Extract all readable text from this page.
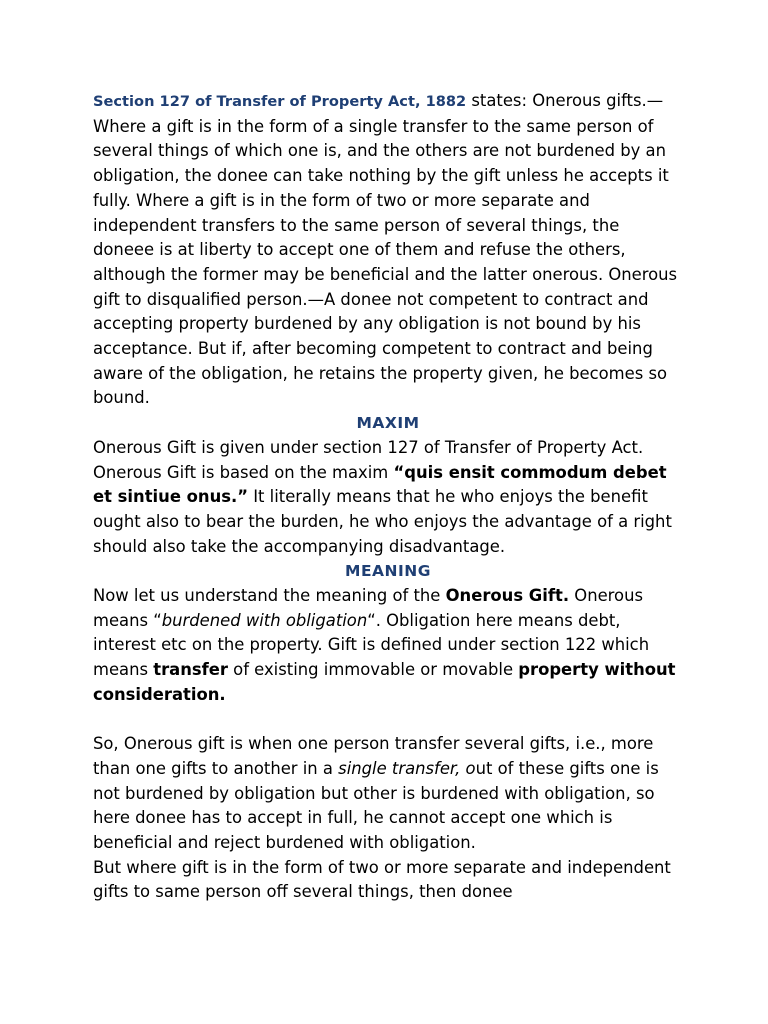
Section 127 of Transfer of Property Act, 1882 states: Onerous gifts.—Where a gift is in the form of a single transfer to the same person of several things of which one is, and the others are not burdened by an obligation, the donee can take nothing by the gift unless he accepts it fully. Where a gift is in the form of two or more separate and independent transfers to the same person of several things, the doneee is at liberty to accept one of them and refuse the others, although the former may be beneficial and the latter onerous. Onerous gift to disqualified person.—A donee not competent to contract and accepting property burdened by any obligation is not bound by his acceptance. But if, after becoming competent to contract and being aware of the obligation, he retains the property given, he becomes so bound.

MAXIM

Onerous Gift is given under section 127 of Transfer of Property Act. Onerous Gift is based on the maxim “quis ensit commodum debet et sintiue onus.” It literally means that he who enjoys the benefit ought also to bear the burden, he who enjoys the advantage of a right should also take the accompanying disadvantage.

MEANING

Now let us understand the meaning of the Onerous Gift. Onerous means “burdened with obligation“. Obligation here means debt, interest etc on the property. Gift is defined under section 122 which means transfer of existing immovable or movable property without consideration.

So, Onerous gift is when one person transfer several gifts, i.e., more than one gifts to another in a single transfer, out of these gifts one is not burdened by obligation but other is burdened with obligation, so here donee has to accept in full, he cannot accept one which is beneficial and reject burdened with obligation.

But where gift is in the form of two or more separate and independent gifts to same person off several things, then donee
